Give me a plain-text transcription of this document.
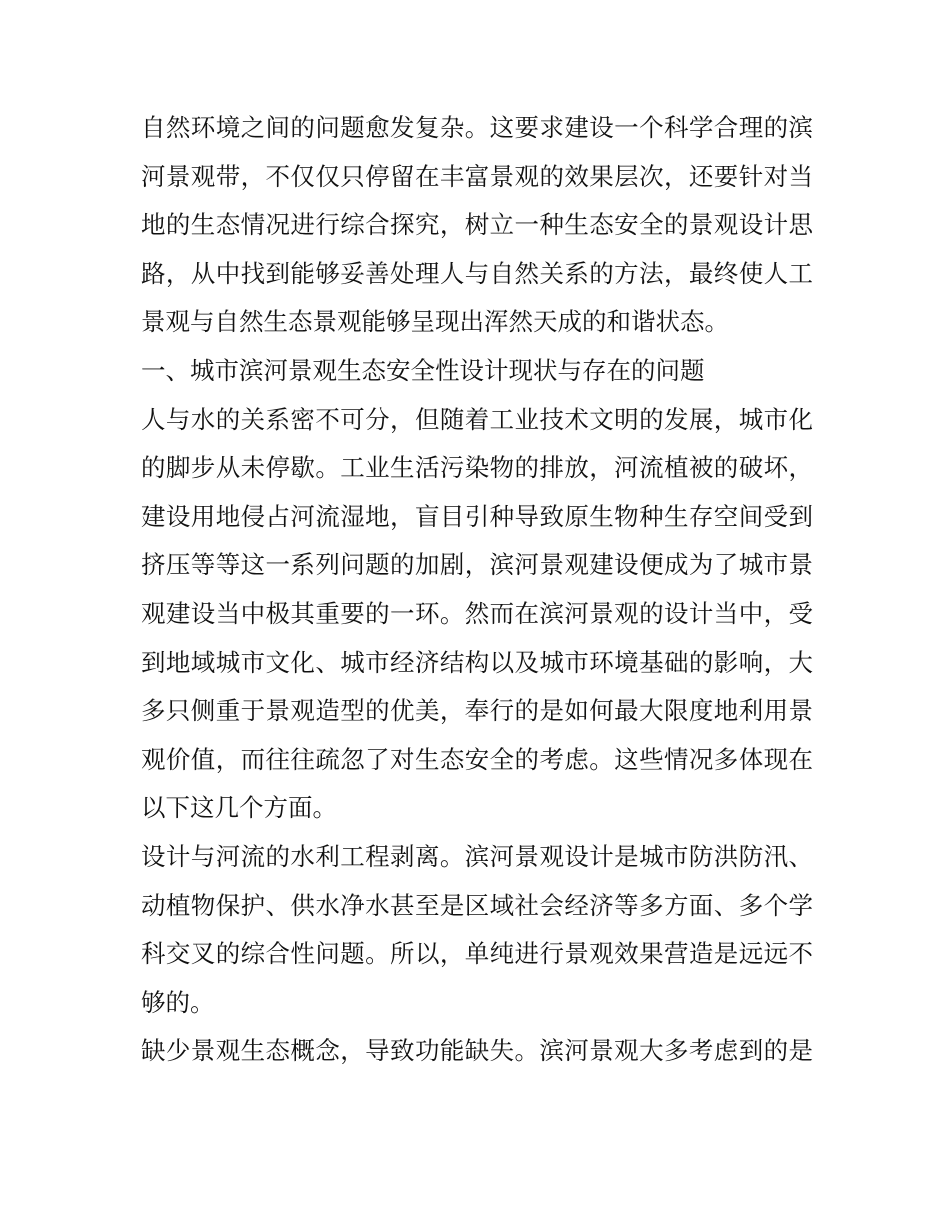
自然环境之间的问题愈发复杂。这要求建设一个科学合理的滨
河景观带，不仅仅只停留在丰富景观的效果层次，还要针对当
地的生态情况进行综合探究，树立一种生态安全的景观设计思
路，从中找到能够妥善处理人与自然关系的方法，最终使人工
景观与自然生态景观能够呈现出浑然天成的和谐状态。
一、城市滨河景观生态安全性设计现状与存在的问题
人与水的关系密不可分，但随着工业技术文明的发展，城市化
的脚步从未停歇。工业生活污染物的排放，河流植被的破坏，
建设用地侵占河流湿地，盲目引种导致原生物种生存空间受到
挤压等等这一系列问题的加剧，滨河景观建设便成为了城市景
观建设当中极其重要的一环。然而在滨河景观的设计当中，受
到地域城市文化、城市经济结构以及城市环境基础的影响，大
多只侧重于景观造型的优美，奉行的是如何最大限度地利用景
观价值，而往往疏忽了对生态安全的考虑。这些情况多体现在
以下这几个方面。
设计与河流的水利工程剥离。滨河景观设计是城市防洪防汛、
动植物保护、供水净水甚至是区域社会经济等多方面、多个学
科交叉的综合性问题。所以，单纯进行景观效果营造是远远不
够的。
缺少景观生态概念，导致功能缺失。滨河景观大多考虑到的是
